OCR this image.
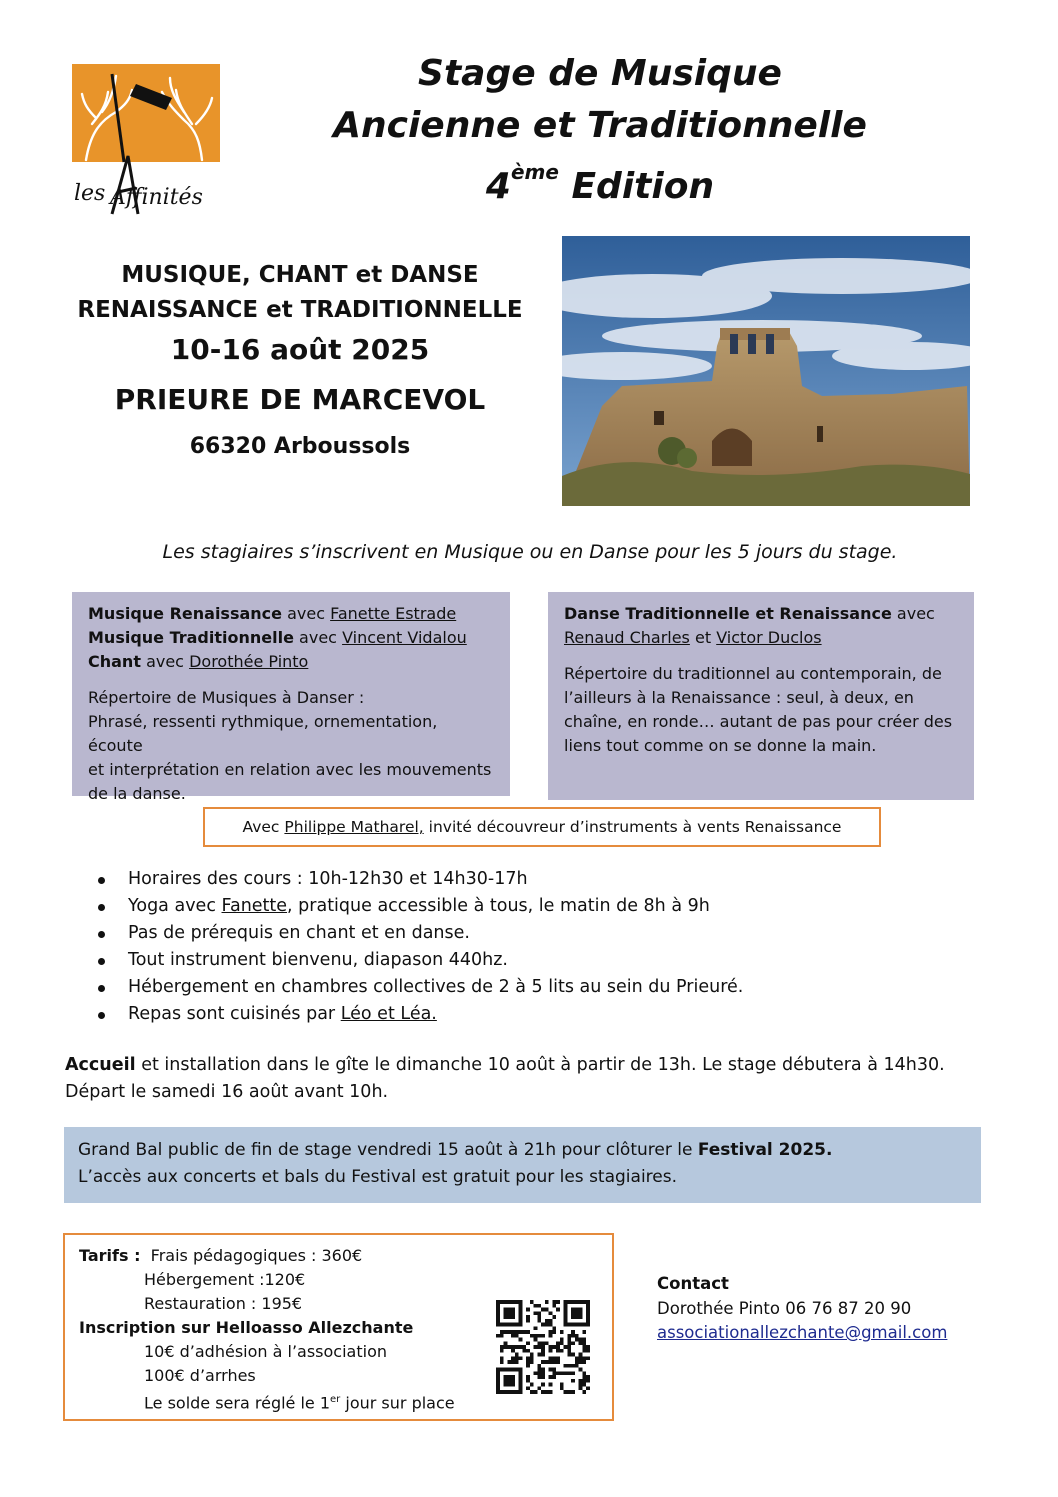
Stage de Musique
Ancienne et Traditionnelle
4ème Edition
les Affinités
MUSIQUE, CHANT et DANSE
RENAISSANCE et TRADITIONNELLE
10-16 août 2025
PRIEURE DE MARCEVOL
66320 Arboussols
Les stagiaires s’inscrivent en Musique ou en Danse pour les 5 jours du stage.

Musique Renaissance avec Fanette Estrade

Musique Traditionnelle avec Vincent Vidalou

Chant avec Dorothée Pinto

Répertoire de Musiques à Danser :

Phrasé, ressenti rythmique, ornementation, écoute

et interprétation en relation avec les mouvements

de la danse.

Danse Traditionnelle et Renaissance avec

Renaud Charles et Victor Duclos

Répertoire du traditionnel au contemporain, de

l’ailleurs à la Renaissance : seul, à deux, en

chaîne, en ronde… autant de pas pour créer des

liens tout comme on se donne la main.

Avec Philippe Matharel, invité découvreur d’instruments à vents Renaissance
Horaires des cours : 10h-12h30 et 14h30-17h
Yoga avec Fanette, pratique accessible à tous, le matin de 8h à 9h
Pas de prérequis en chant et en danse.
Tout instrument bienvenu, diapason 440hz.
Hébergement en chambres collectives de 2 à 5 lits au sein du Prieuré.
Repas sont cuisinés par Léo et Léa.
Accueil et installation dans le gîte le dimanche 10 août à partir de 13h. Le stage débutera à 14h30.
Départ le samedi 16 août avant 10h.
Grand Bal public de fin de stage vendredi 15 août à 21h pour clôturer le Festival 2025.
L’accès aux concerts et bals du Festival est gratuit pour les stagiaires.
Tarifs : Frais pédagogiques : 360€
Hébergement :120€
Restauration : 195€
Inscription sur Helloasso Allezchante
10€ d’adhésion à l’association
100€ d’arrhes
Le solde sera réglé le 1er jour sur place
Contact
Dorothée Pinto 06 76 87 20 90
associationallezchante@gmail.com
